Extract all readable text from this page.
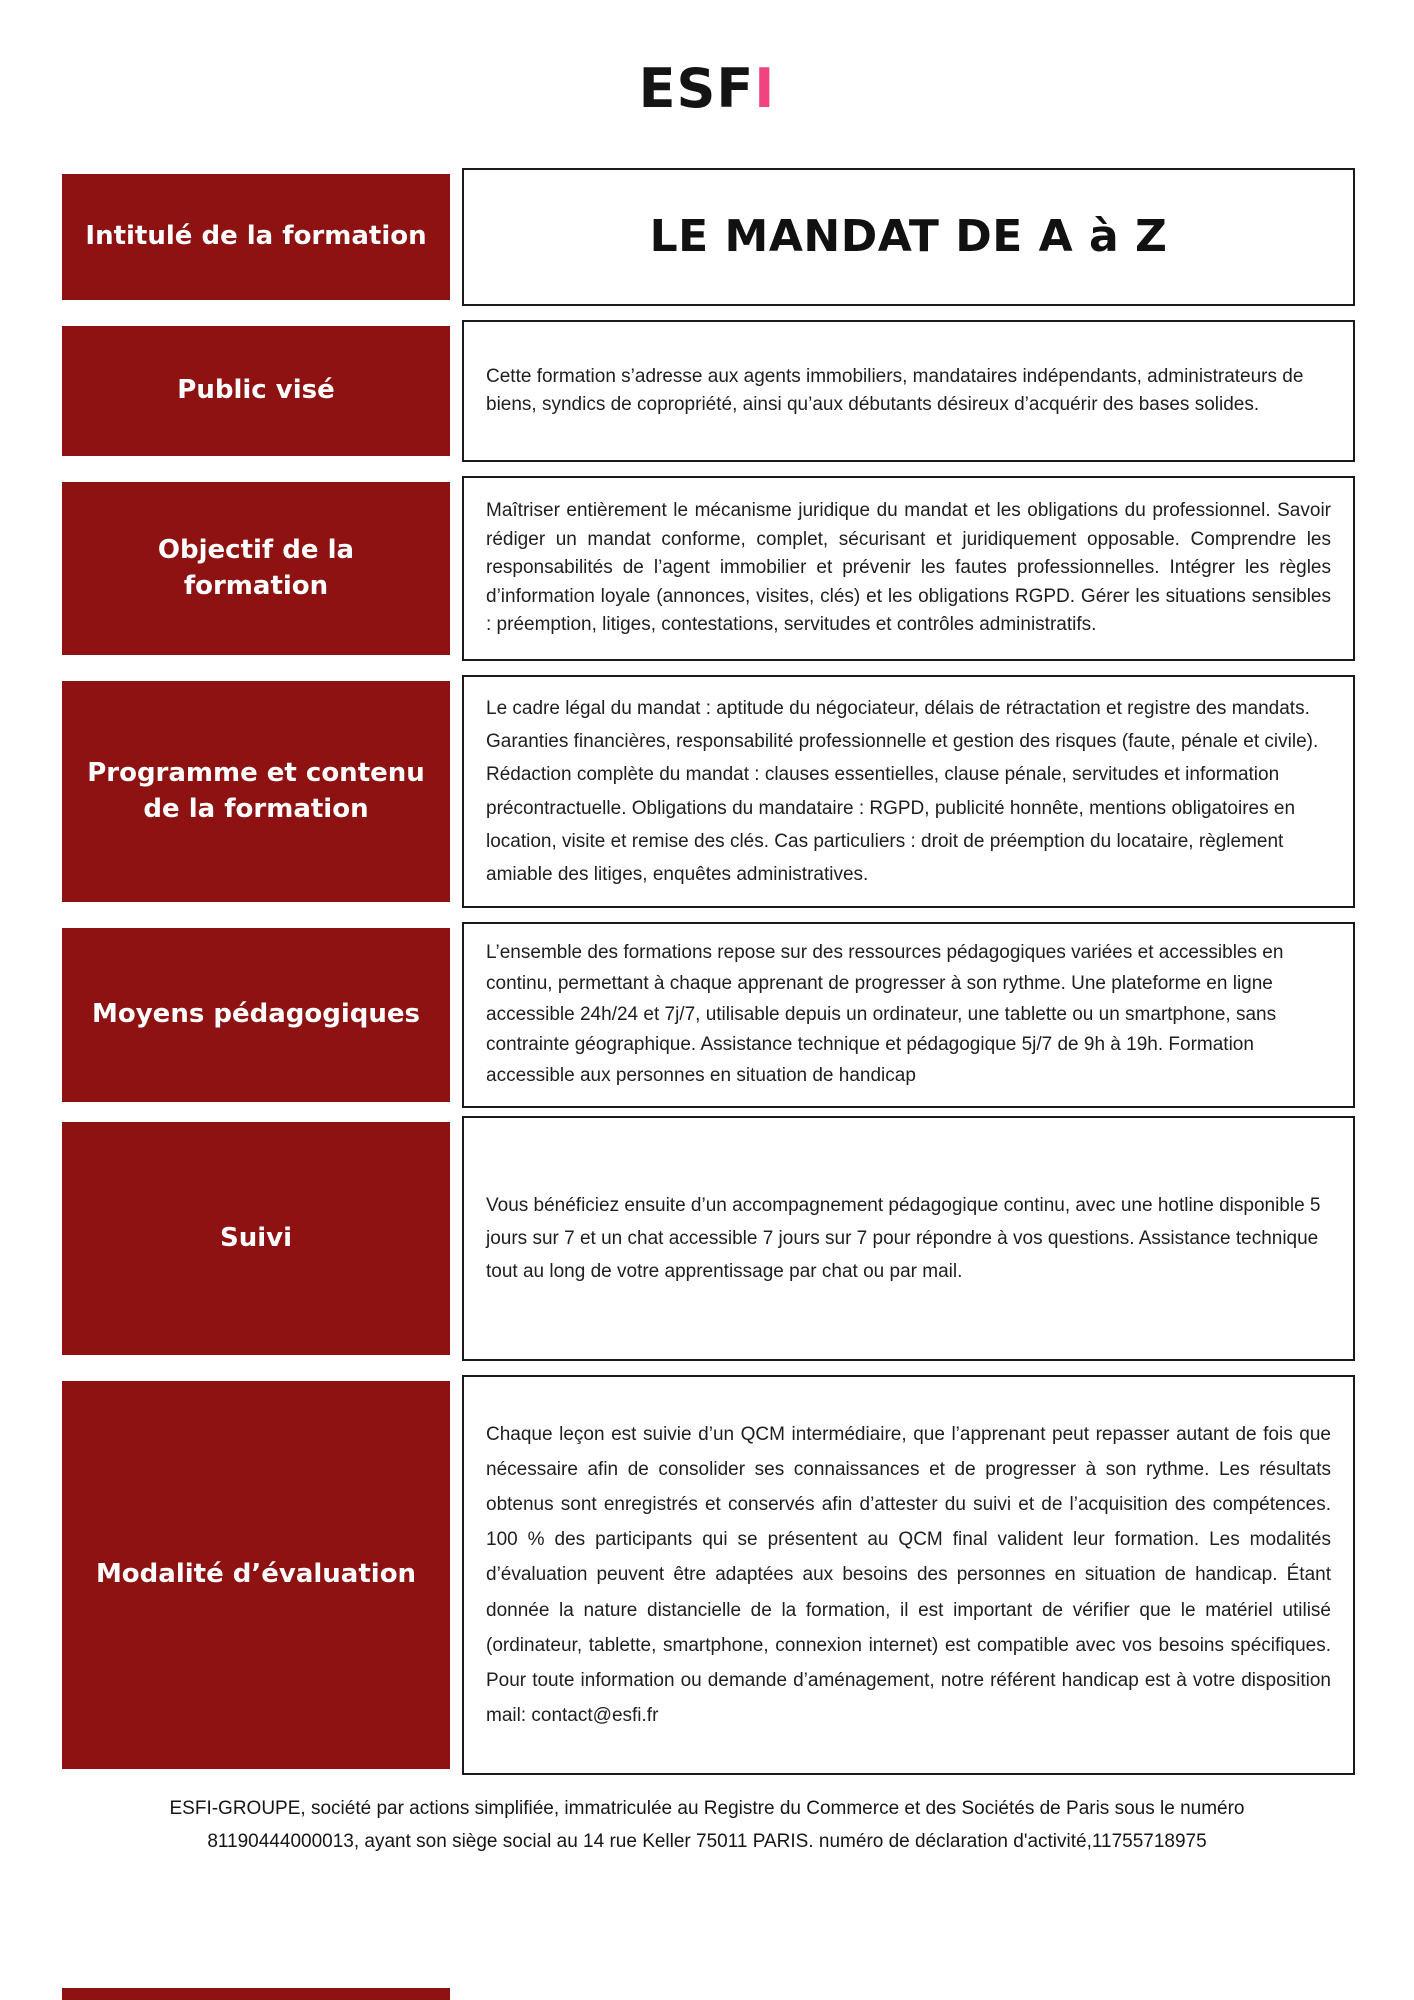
ESFI
Intitulé de la formation	LE MANDAT DE A à Z
Public visé	Cette formation s’adresse aux agents immobiliers, mandataires indépendants, administrateurs de biens, syndics de copropriété, ainsi qu’aux débutants désireux d’acquérir des bases solides.
Objectif de la formation
Maîtriser entièrement le mécanisme juridique du mandat et les obligations du professionnel. Savoir rédiger un mandat conforme, complet, sécurisant et juridiquement opposable. Comprendre les responsabilités de l’agent immobilier et prévenir les fautes professionnelles. Intégrer les règles d’information loyale (annonces, visites, clés) et les obligations RGPD. Gérer les situations sensibles : préemption, litiges, contestations, servitudes et contrôles administratifs.
Programme et contenu de la formation
Le cadre légal du mandat : aptitude du négociateur, délais de rétractation et registre des mandats. Garanties financières, responsabilité professionnelle et gestion des risques (faute, pénale et civile). Rédaction complète du mandat : clauses essentielles, clause pénale, servitudes et information précontractuelle. Obligations du mandataire : RGPD, publicité honnête, mentions obligatoires en location, visite et remise des clés. Cas particuliers : droit de préemption du locataire, règlement amiable des litiges, enquêtes administratives.
Moyens pédagogiques
L’ensemble des formations repose sur des ressources pédagogiques variées et accessibles en continu, permettant à chaque apprenant de progresser à son rythme. Une plateforme en ligne accessible 24h/24 et 7j/7, utilisable depuis un ordinateur, une tablette ou un smartphone, sans contrainte géographique. Assistance technique et pédagogique 5j/7 de 9h à 19h. Formation accessible aux personnes en situation de handicap
Suivi
Vous bénéficiez ensuite d’un accompagnement pédagogique continu, avec une hotline disponible 5 jours sur 7 et un chat accessible 7 jours sur 7 pour répondre à vos questions. Assistance technique tout au long de votre apprentissage par chat ou par mail.
Modalité d’évaluation
Chaque leçon est suivie d’un QCM intermédiaire, que l’apprenant peut repasser autant de fois que nécessaire afin de consolider ses connaissances et de progresser à son rythme. Les résultats obtenus sont enregistrés et conservés afin d’attester du suivi et de l’acquisition des compétences. 100 % des participants qui se présentent au QCM final valident leur formation. Les modalités d’évaluation peuvent être adaptées aux besoins des personnes en situation de handicap. Étant donnée la nature distancielle de la formation, il est important de vérifier que le matériel utilisé (ordinateur, tablette, smartphone, connexion internet) est compatible avec vos besoins spécifiques. Pour toute information ou demande d’aménagement, notre référent handicap est à votre disposition mail: contact@esfi.fr
ESFI-GROUPE, société par actions simplifiée, immatriculée au Registre du Commerce et des Sociétés de Paris sous le numéro
81190444000013, ayant son siège social au 14 rue Keller 75011 PARIS. numéro de déclaration d'activité,11755718975
